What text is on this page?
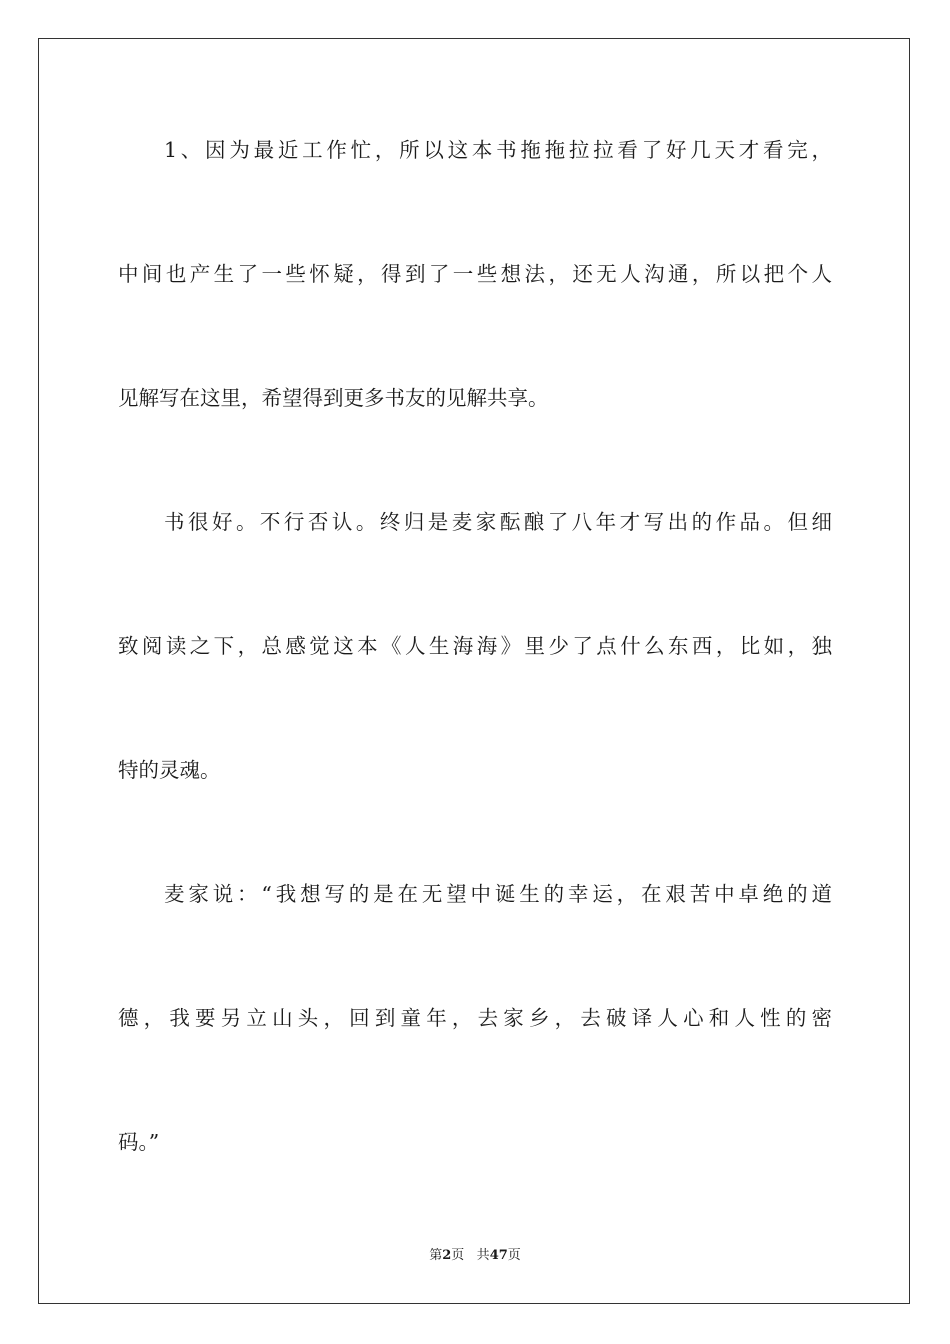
1、因为最近工作忙，所以这本书拖拖拉拉看了好几天才看完，
中间也产生了一些怀疑，得到了一些想法，还无人沟通，所以把个人
见解写在这里，希望得到更多书友的见解共享。
书很好。不行否认。终归是麦家酝酿了八年才写出的作品。但细
致阅读之下，总感觉这本《人生海海》里少了点什么东西，比如，独
特的灵魂。
麦家说：“我想写的是在无望中诞生的幸运，在艰苦中卓绝的道
德，我要另立山头，回到童年，去家乡，去破译人心和人性的密
码。”
第2页 共47页
